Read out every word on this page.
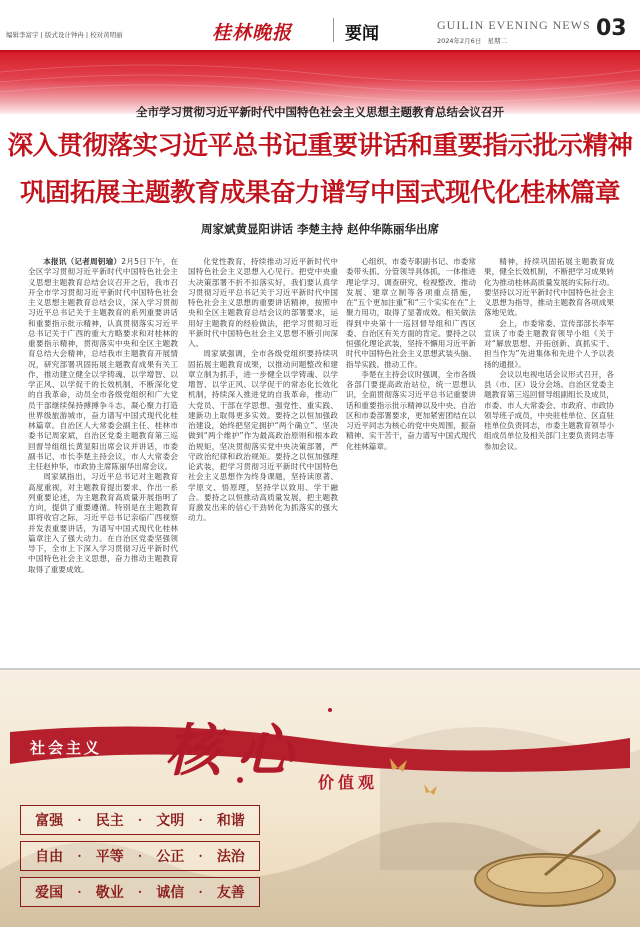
编辑李富宇 | 版式设计钟冉 | 校对黄明丽	桂林晚报	要闻	GUILIN EVENING NEWS
2024年2月6日 星期二	03
全市学习贯彻习近平新时代中国特色社会主义思想主题教育总结会议召开
深入贯彻落实习近平总书记重要讲话和重要指示批示精神
巩固拓展主题教育成果奋力谱写中国式现代化桂林篇章
周家斌黄显阳讲话 李楚主持 赵仲华陈丽华出席

本报讯（记者周钥瑜）2月5日下午，在全区学习贯彻习近平新时代中国特色社会主义思想主题教育总结会议召开之后，我市召开全市学习贯彻习近平新时代中国特色社会主义思想主题教育总结会议，深入学习贯彻习近平总书记关于主题教育的系列重要讲话和重要指示批示精神，认真贯彻落实习近平总书记关于广西的重大方略要求和对桂林的重要指示精神，贯彻落实中央和全区主题教育总结大会精神，总结我市主题教育开展情况，研究部署巩固拓展主题教育成果有关工作，推动建立健全以学铸魂、以学增智、以学正风、以学促干的长效机制，不断深化党的自我革命，动员全市各级党组织和广大党员干部继续保持搏搏争斗志，凝心聚力打造世界级旅游城市，奋力谱写中国式现代化桂林篇章。自治区人大常委会副主任、桂林市委书记周家斌，自治区党委主题教育第三巡回督导组组长黄显阳出席会议并讲话，市委副书记、市长李楚主持会议，市人大常委会主任赵仲华，市政协主席陈丽华出席会议。

周家斌指出，习近平总书记对主题教育高度重视，对主题教育提出要求、作出一系列重要论述，为主题教育高质量开展指明了方向，提供了重要遵循。特别是在主题教育即将收官之际，习近平总书记亲临广西视察并发表重要讲话，为谱写中国式现代化桂林篇章注入了强大动力。在自治区党委坚强领导下，全市上下深入学习贯彻习近平新时代中国特色社会主义思想，奋力推动主题教育取得了重要成效。

化党性教育，持续推动习近平新时代中国特色社会主义思想入心见行。把党中央重大决策部署不折不扣落实好，我们要认真学习贯彻习近平总书记关于习近平新时代中国特色社会主义思想的重要讲话精神，按照中央和全区主题教育总结会议的部署要求，运用好主题教育的经验做法，把学习贯彻习近平新时代中国特色社会主义思想不断引向深入。

周家斌强调，全市各级党组织要持续巩固拓展主题教育成果，以推动问题整改和建章立制为抓手，进一步健全以学铸魂、以学增智、以学正风、以学促干的常态化长效化机制，持续深入推进党的自我革命，推动广大党员、干部在学思想、强党性、重实践、建新功上取得更多实效。要持之以恒加强政治建设，始终把坚定拥护“两个确立”、坚决做到“两个维护”作为最高政治原则和根本政治规矩，坚决贯彻落实党中央决策部署，严守政治纪律和政治规矩。要持之以恒加强理论武装，把学习贯彻习近平新时代中国特色社会主义思想作为终身课题，坚持读原著、学原文、悟原理，坚持学以致用、学干融合。要持之以恒推动高质量发展，把主题教育激发出来的信心干劲转化为抓落实的强大动力。

心组织、市委专职副书记、市委常委带头抓、分管领导具体抓，一体推进理论学习、调查研究、检视整改、推动发展、建章立制等各项重点措施，在“五个更加注重”和“三个实实在在”上聚力用功，取得了显著成效。相关做法得到中央第十一巡回督导组和广西区委、自治区有关方面的肯定。要持之以恒强化理论武装，坚持不懈用习近平新时代中国特色社会主义思想武装头脑、指导实践、推动工作。

李楚在主持会议时强调，全市各级各部门要提高政治站位，统一思想认识，全面贯彻落实习近平总书记重要讲话和重要指示批示精神以及中央、自治区和市委部署要求，更加紧密团结在以习近平同志为核心的党中央周围，振奋精神、实干苦干，奋力谱写中国式现代化桂林篇章。

精神，持续巩固拓展主题教育成果，健全长效机制，不断把学习成果转化为推动桂林高质量发展的实际行动。要坚持以习近平新时代中国特色社会主义思想为指导，推动主题教育各项成果落地见效。

会上，市委常委、宣传部部长李军宣读了市委主题教育领导小组《关于对“解放思想、开拓创新、真抓实干、担当作为”先进集体和先进个人予以表扬的通报》。

会议以电视电话会议形式召开，各县（市、区）设分会场。自治区党委主题教育第三巡回督导组副组长及成员，市委、市人大常委会、市政府、市政协领导班子成员，中央驻桂单位、区直驻桂单位负责同志，市委主题教育领导小组成员单位及相关部门主要负责同志等参加会议。

社会主义 核心 价值观
富强	·	民主	·	文明	·	和谐
自由	·	平等	·	公正	·	法治
爱国	·	敬业	·	诚信	·	友善
